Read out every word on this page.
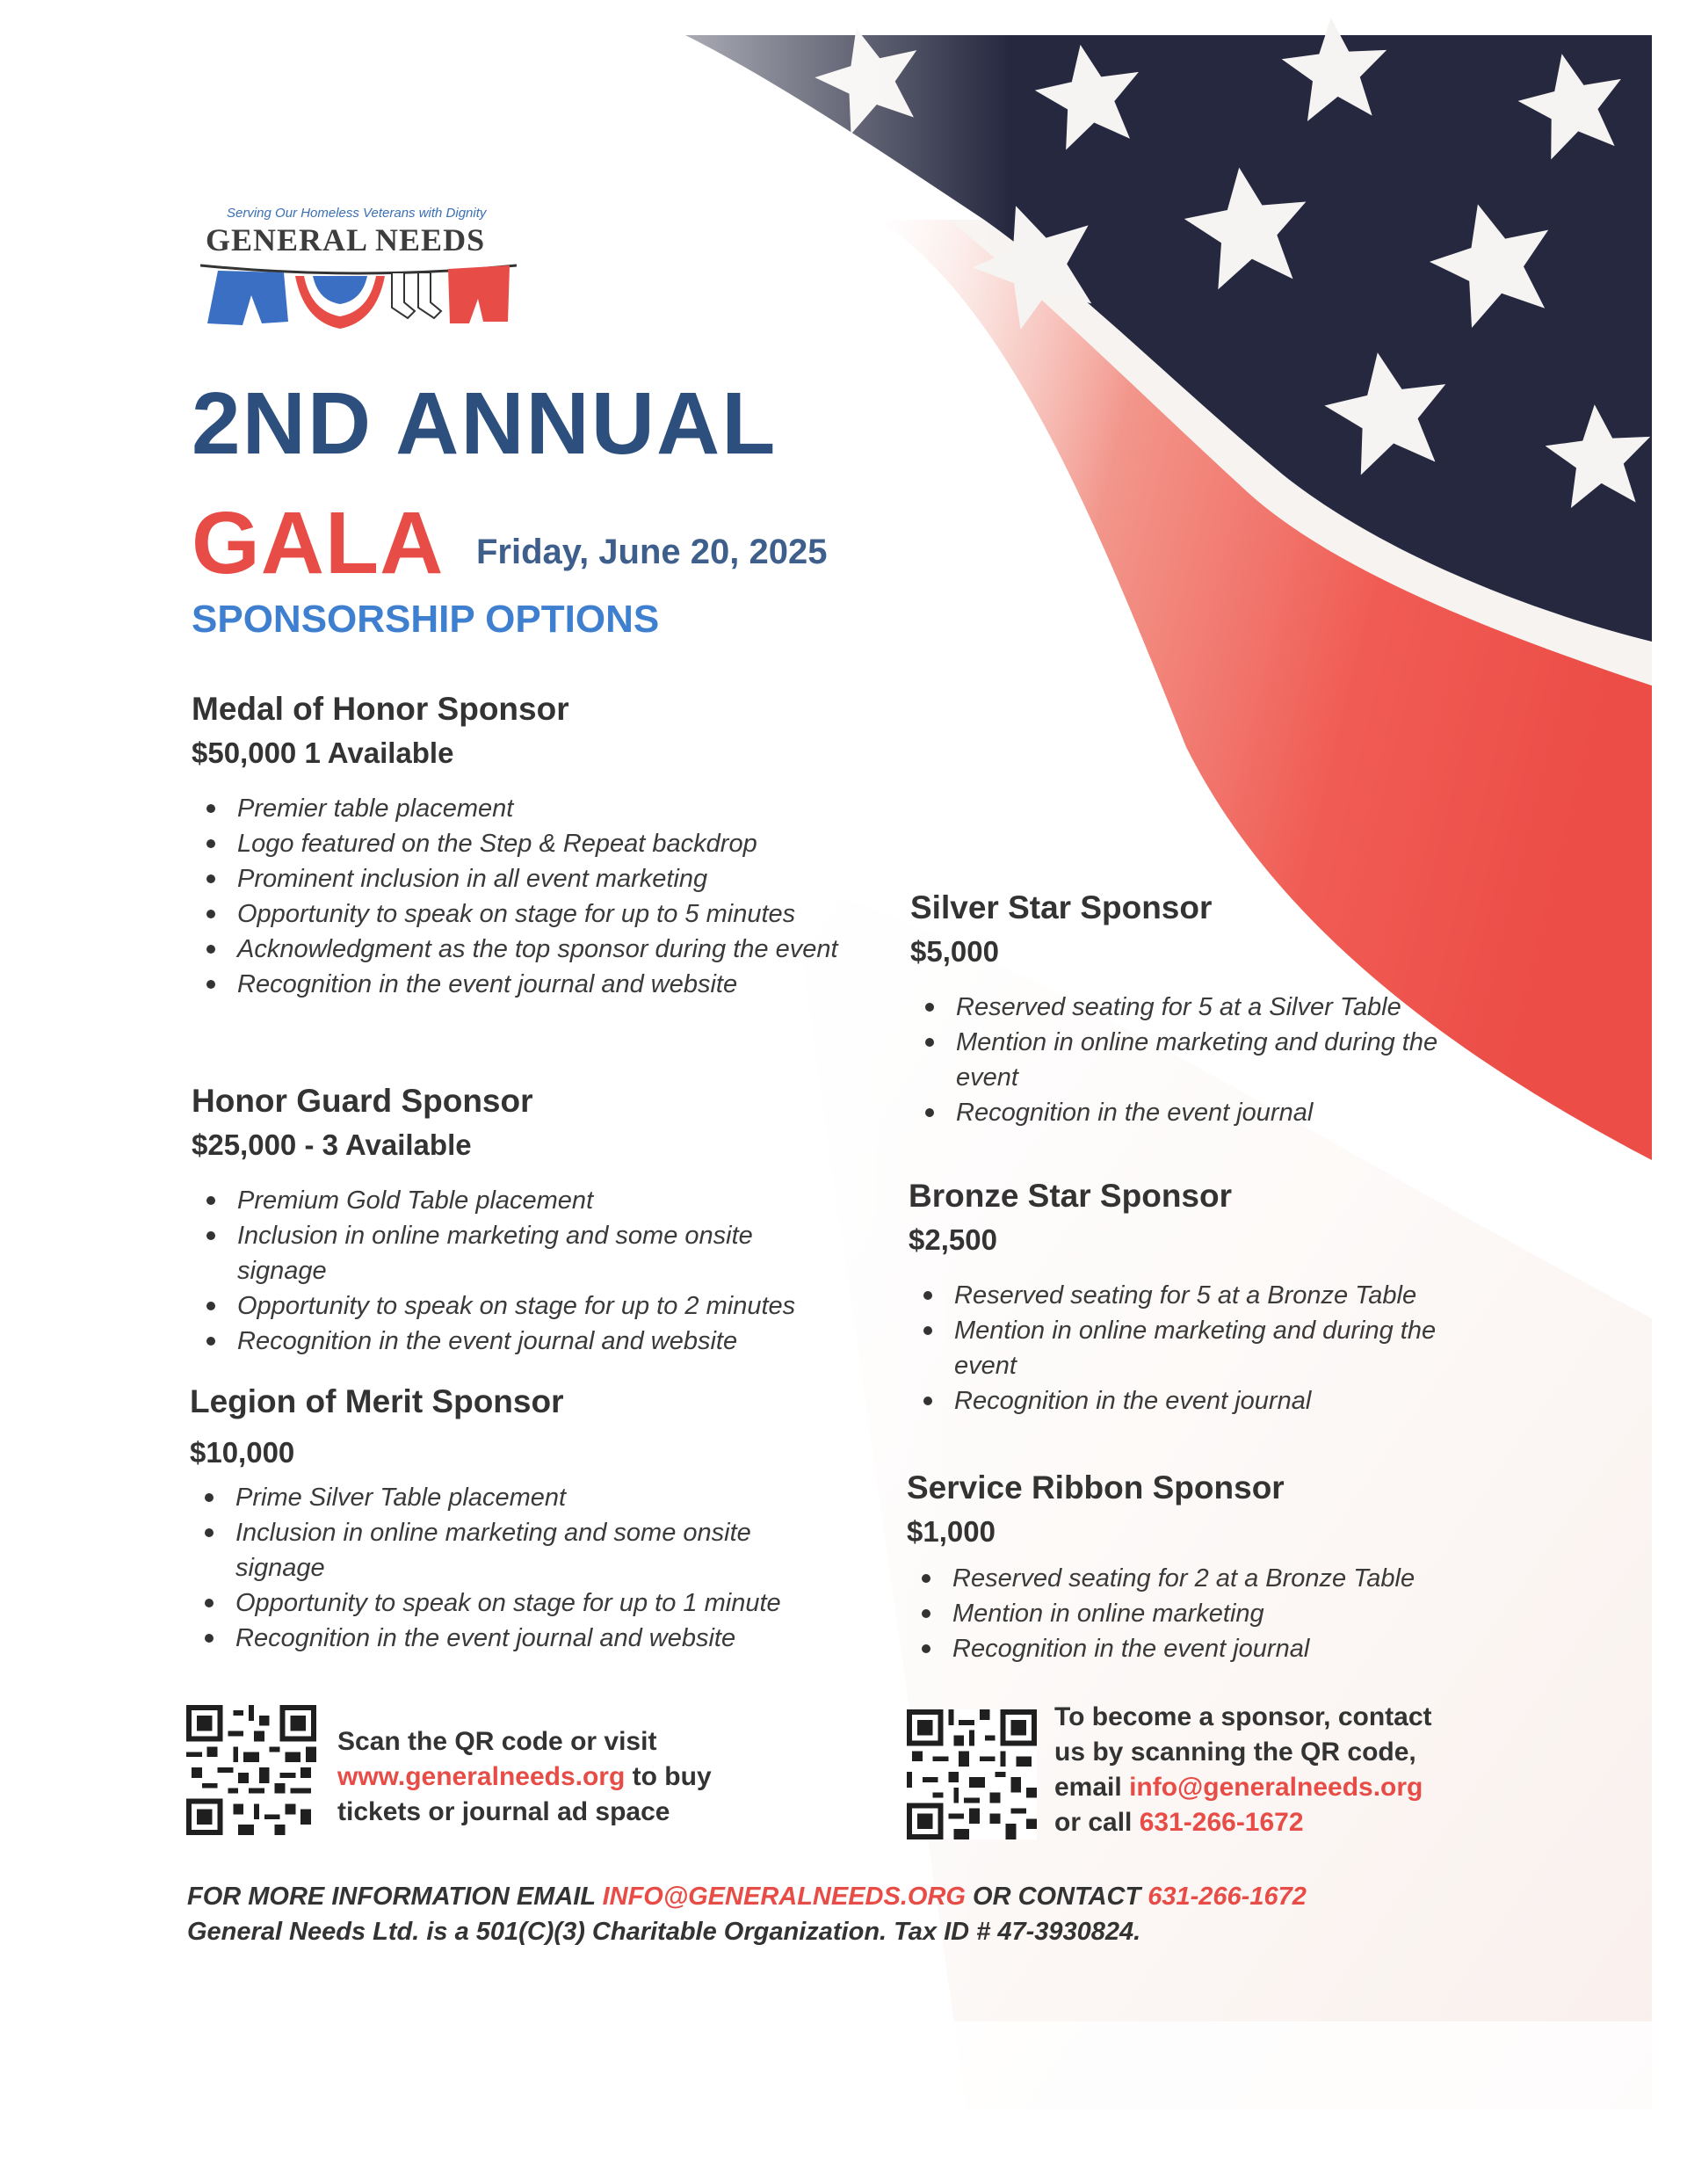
Serving Our Homeless Veterans with Dignity
GENERAL NEEDS
2ND ANNUAL
GALA Friday, June 20, 2025
SPONSORSHIP OPTIONS
Medal of Honor Sponsor
$50,000 1 Available
Premier table placement
Logo featured on the Step & Repeat backdrop
Prominent inclusion in all event marketing
Opportunity to speak on stage for up to 5 minutes
Acknowledgment as the top sponsor during the event
Recognition in the event journal and website
Honor Guard Sponsor
$25,000 - 3 Available
Premium Gold Table placement
Inclusion in online marketing and some onsite signage
Opportunity to speak on stage for up to 2 minutes
Recognition in the event journal and website
Legion of Merit Sponsor
$10,000
Prime Silver Table placement
Inclusion in online marketing and some onsite signage
Opportunity to speak on stage for up to 1 minute
Recognition in the event journal and website
Silver Star Sponsor
$5,000
Reserved seating for 5 at a Silver Table
Mention in online marketing and during the event
Recognition in the event journal
Bronze Star Sponsor
$2,500
Reserved seating for 5 at a Bronze Table
Mention in online marketing and during the event
Recognition in the event journal
Service Ribbon Sponsor
$1,000
Reserved seating for 2 at a Bronze Table
Mention in online marketing
Recognition in the event journal
Scan the QR code or visit
www.generalneeds.org to buy tickets or journal ad space
To become a sponsor, contact
us by scanning the QR code,
email info@generalneeds.org
or call 631-266-1672
FOR MORE INFORMATION EMAIL INFO@GENERALNEEDS.ORG OR CONTACT 631-266-1672
General Needs Ltd. is a 501(C)(3) Charitable Organization. Tax ID # 47-3930824.
